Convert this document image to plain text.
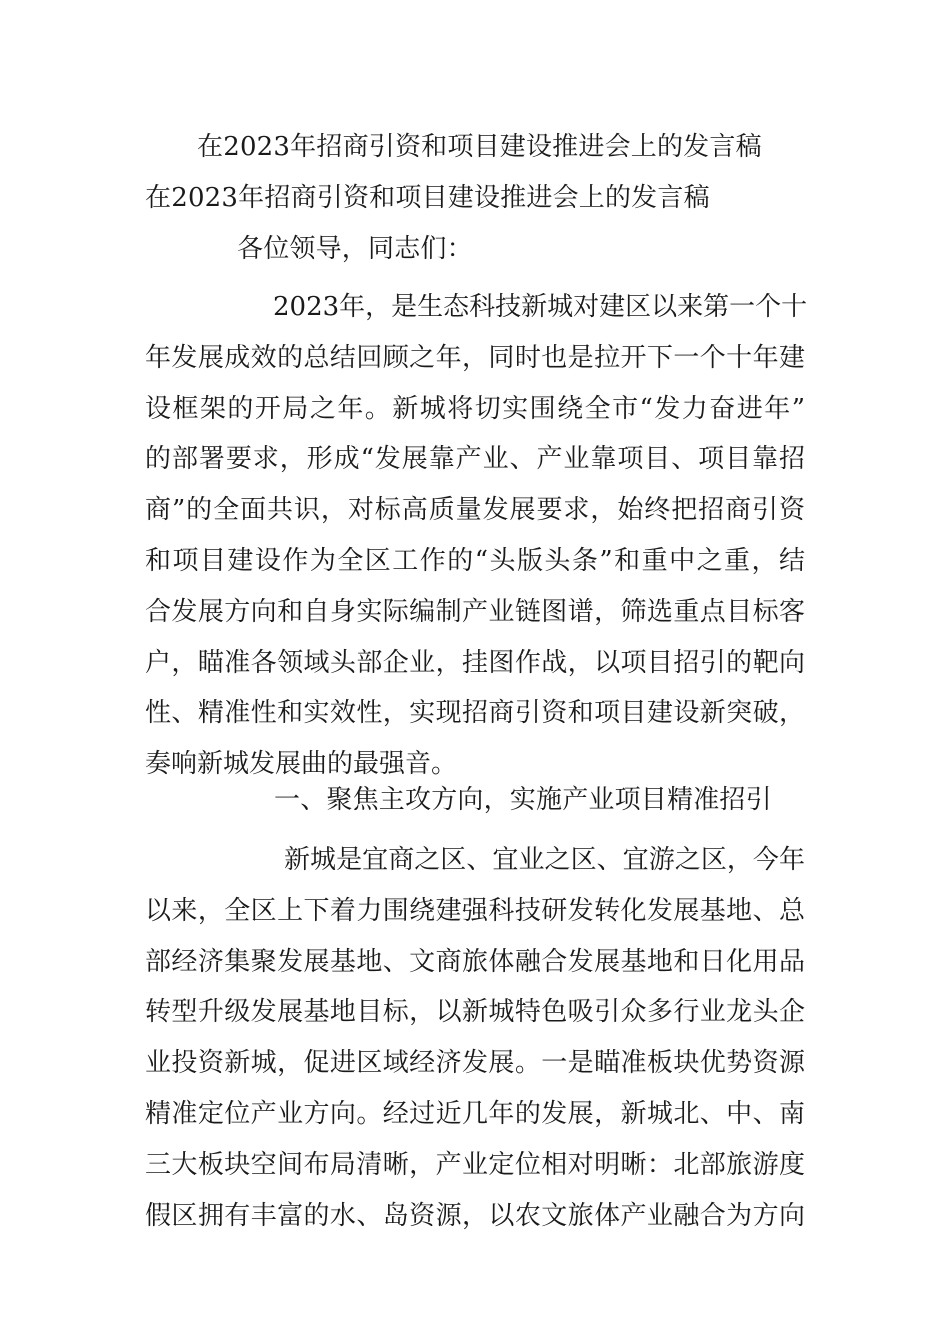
在2023年招商引资和项目建设推进会上的发言稿
在2023年招商引资和项目建设推进会上的发言稿
各位领导，同志们：
2023年，是生态科技新城对建区以来第一个十
年发展成效的总结回顾之年，同时也是拉开下一个十年建
设框架的开局之年。新城将切实围绕全市“发力奋进年”
的部署要求，形成“发展靠产业、产业靠项目、项目靠招
商”的全面共识，对标高质量发展要求，始终把招商引资
和项目建设作为全区工作的“头版头条”和重中之重，结
合发展方向和自身实际编制产业链图谱，筛选重点目标客
户，瞄准各领域头部企业，挂图作战，以项目招引的靶向
性、精准性和实效性，实现招商引资和项目建设新突破，
奏响新城发展曲的最强音。
一、聚焦主攻方向，实施产业项目精准招引
新城是宜商之区、宜业之区、宜游之区，今年
以来，全区上下着力围绕建强科技研发转化发展基地、总
部经济集聚发展基地、文商旅体融合发展基地和日化用品
转型升级发展基地目标，以新城特色吸引众多行业龙头企
业投资新城，促进区域经济发展。一是瞄准板块优势资源
精准定位产业方向。经过近几年的发展，新城北、中、南
三大板块空间布局清晰，产业定位相对明晰：北部旅游度
假区拥有丰富的水、岛资源，以农文旅体产业融合为方向
